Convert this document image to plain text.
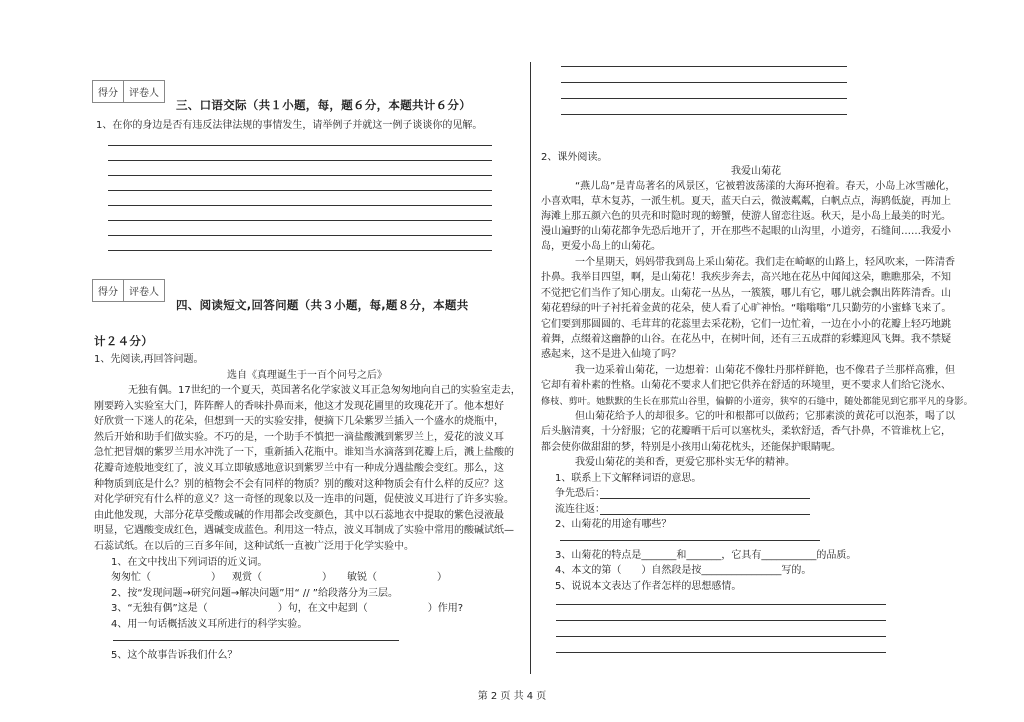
得分	评卷人
三、口语交际（共１小题，每，题６分，本题共计６分）
1、在你的身边是否有违反法律法规的事情发生，请举例子并就这一例子谈谈你的见解。
得分	评卷人
四、阅读短文,回答问题（共３小题，每,题８分，本题共
计２４分）
1、先阅读,再回答问题。
选自《真理诞生于一百个问号之后》
无独有偶。17世纪的一个夏天，英国著名化学家波义耳正急匆匆地向自己的实验室走去，
刚要跨入实验室大门，阵阵醉人的香味扑鼻而来，他这才发现花圃里的玫瑰花开了。他本想好
好欣赏一下迷人的花朵，但想到一天的实验安排，便摘下几朵紫罗兰插入一个盛水的烧瓶中，
然后开始和助手们做实验。不巧的是，一个助手不慎把一滴盐酸溅到紫罗兰上，爱花的波义耳
急忙把冒烟的紫罗兰用水冲洗了一下，重新插入花瓶中。谁知当水滴落到花瓣上后，溅上盐酸的
花瓣奇迹般地变红了，波义耳立即敏感地意识到紫罗兰中有一种成分遇盐酸会变红。那么，这
种物质到底是什么？别的植物会不会有同样的物质？别的酸对这种物质会有什么样的反应？这
对化学研究有什么样的意义？这一奇怪的现象以及一连串的问题，促使波义耳进行了许多实验。
由此他发现，大部分花草受酸或碱的作用都会改变颜色，其中以石蕊地衣中提取的紫色浸液最
明显，它遇酸变成红色，遇碱变成蓝色。利用这一特点，波义耳制成了实验中常用的酸碱试纸—
石蕊试纸。在以后的三百多年间，这种试纸一直被广泛用于化学实验中。
1、在文中找出下列词语的近义词。
匆匆忙（　　　　　　） 观赏（　　　　　　） 敏锐（　　　　　　）
2、按“发现问题→研究问题→解决问题”用“ // ”给段落分为三层。
3、“无独有偶”这是（　　　　　　　）句，在文中起到（　　　　　　）作用?
4、用一句话概括波义耳所进行的科学实验。
5、这个故事告诉我们什么？
2、课外阅读。
我爱山菊花
“燕儿岛”是青岛著名的风景区，它被碧波荡漾的大海环抱着。春天，小岛上冰雪融化，
小喜欢唱，草木复苏，一派生机。夏天，蓝天白云，微波粼粼，白帆点点，海鸥低旋，再加上
海滩上那五颜六色的贝壳和时隐时现的螃蟹，使游人留恋往返。秋天，是小岛上最美的时光。
漫山遍野的山菊花都争先恐后地开了，开在那些不起眼的山沟里，小道旁，石缝间……我爱小
岛，更爱小岛上的山菊花。
一个星期天，妈妈带我到岛上采山菊花。我们走在崎岖的山路上，轻风吹来，一阵清香
扑鼻。我举目四望，啊，是山菊花！我疾步奔去，高兴地在花丛中闻闻这朵，瞧瞧那朵，不知
不觉把它们当作了知心朋友。山菊花一丛丛，一簇簇，哪儿有它，哪儿就会飘出阵阵清香。山
菊花碧绿的叶子衬托着金黄的花朵，使人看了心旷神怡。“嗡嗡嗡”几只勤劳的小蜜蜂飞来了。
它们要到那圆圆的、毛茸茸的花蕊里去采花粉，它们一边忙着，一边在小小的花瓣上轻巧地跳
着舞，点缀着这幽静的山谷。在花丛中，在树叶间，还有三五成群的彩蝶迎风飞舞。我不禁疑
惑起来，这不是进入仙境了吗？
我一边采着山菊花，一边想着：山菊花不像牡丹那样鲜艳，也不像君子兰那样高雅，但
它却有着朴素的性格。山菊花不要求人们把它供养在舒适的环境里，更不要求人们给它浇水、
修枝、剪叶。她默默的生长在那荒山谷里，偏僻的小道旁，狭窄的石缝中，随处都能见到它那平凡的身影。
但山菊花给予人的却很多。它的叶和根都可以做药；它那素淡的黄花可以泡茶，喝了以
后头脑清爽，十分舒服；它的花瓣晒干后可以塞枕头，柔软舒适，香气扑鼻，不管谁枕上它，
都会使你做甜甜的梦，特别是小孩用山菊花枕头，还能保护眼睛呢。
我爱山菊花的美和香，更爱它那朴实无华的精神。
1、联系上下文解释词语的意思。
争先恐后：
流连往返：
2、山菊花的用途有哪些？
3、山菊花的特点是_______和_______，它具有___________的品质。
4、本文的第（　　）自然段是按________________写的。
5、说说本文表达了作者怎样的思想感情。
第 2 页 共 4 页
